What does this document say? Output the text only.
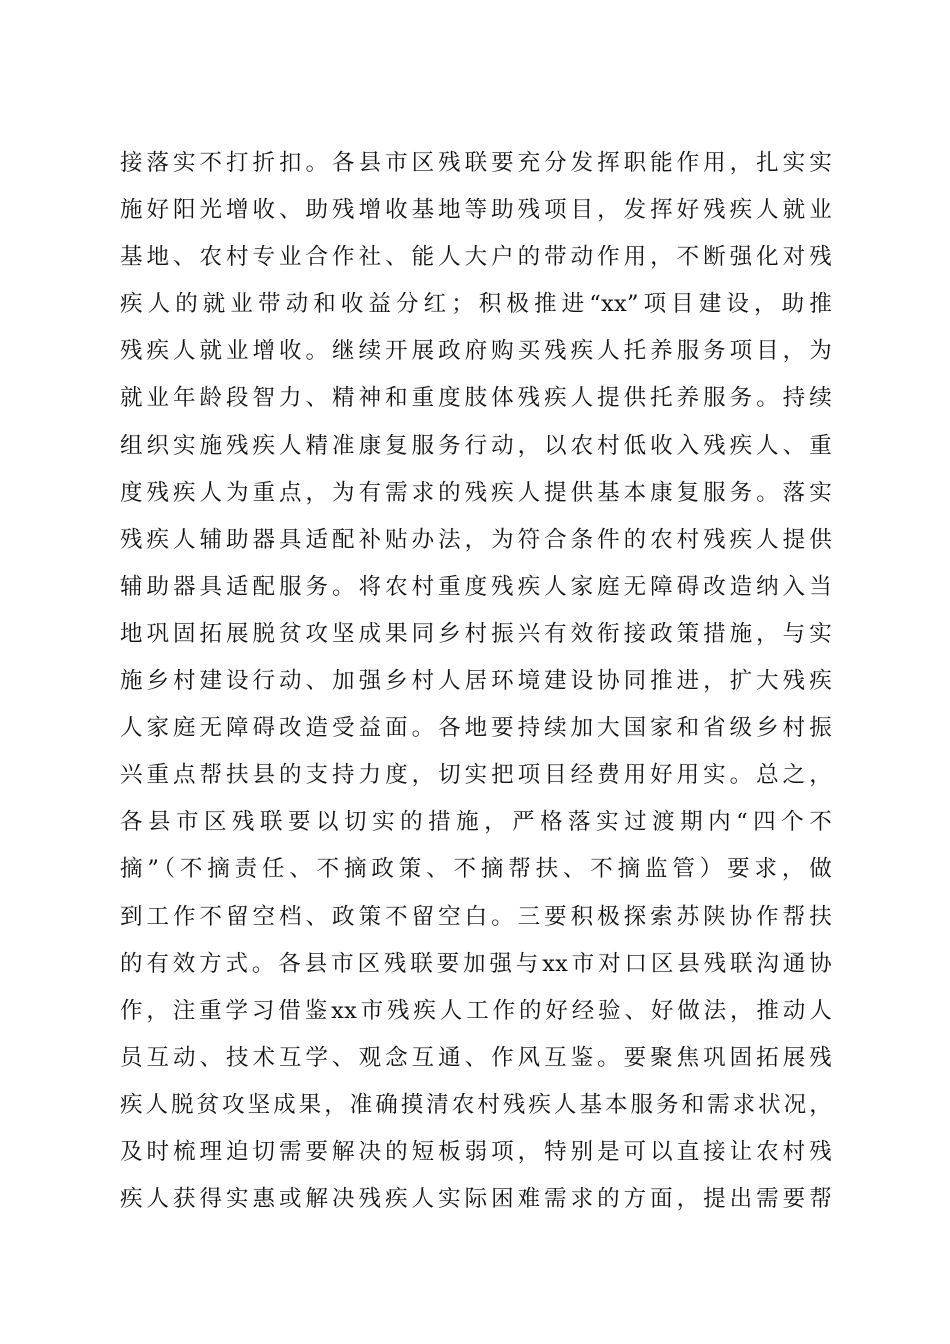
接落实不打折扣。各县市区残联要充分发挥职能作用，扎实实
施好阳光增收、助残增收基地等助残项目，发挥好残疾人就业
基地、农村专业合作社、能人大户的带动作用，不断强化对残
疾人的就业带动和收益分红；积极推进“xx”项目建设，助推
残疾人就业增收。继续开展政府购买残疾人托养服务项目，为
就业年龄段智力、精神和重度肢体残疾人提供托养服务。持续
组织实施残疾人精准康复服务行动，以农村低收入残疾人、重
度残疾人为重点，为有需求的残疾人提供基本康复服务。落实
残疾人辅助器具适配补贴办法，为符合条件的农村残疾人提供
辅助器具适配服务。将农村重度残疾人家庭无障碍改造纳入当
地巩固拓展脱贫攻坚成果同乡村振兴有效衔接政策措施，与实
施乡村建设行动、加强乡村人居环境建设协同推进，扩大残疾
人家庭无障碍改造受益面。各地要持续加大国家和省级乡村振
兴重点帮扶县的支持力度，切实把项目经费用好用实。总之，
各县市区残联要以切实的措施，严格落实过渡期内“四个不
摘”（不摘责任、不摘政策、不摘帮扶、不摘监管）要求，做
到工作不留空档、政策不留空白。三要积极探索苏陕协作帮扶
的有效方式。各县市区残联要加强与xx市对口区县残联沟通协
作，注重学习借鉴xx市残疾人工作的好经验、好做法，推动人
员互动、技术互学、观念互通、作风互鉴。要聚焦巩固拓展残
疾人脱贫攻坚成果，准确摸清农村残疾人基本服务和需求状况，
及时梳理迫切需要解决的短板弱项，特别是可以直接让农村残
疾人获得实惠或解决残疾人实际困难需求的方面，提出需要帮
